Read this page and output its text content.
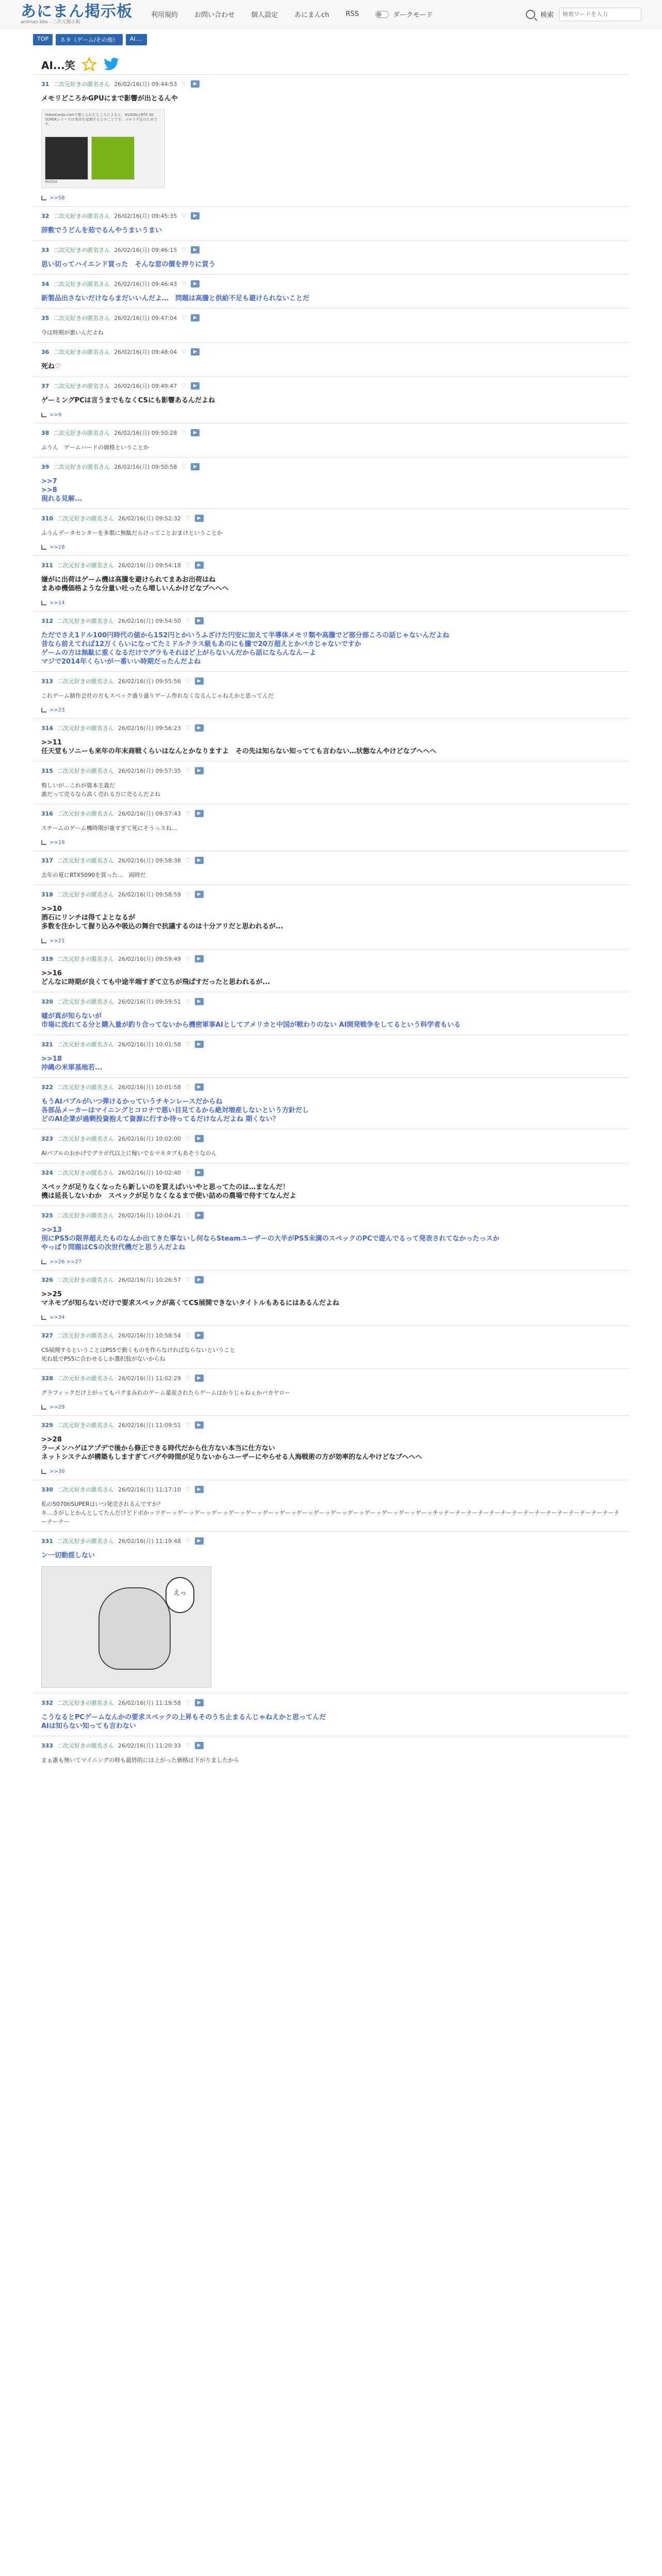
あにまん掲示板
animan bbs - 二次元掲示板
利用規約 お問い合わせ 個人設定 あにまんch RSS	ダークモード	検索
検索ワードを入力
TOP	ネタ（ゲーム/その他）	AI....
AI...笑
31 二次元好きの匿名さん 26/02/16(月) 09:44:53 ♡	▶
メモリどころかGPUにまで影響が出とるんや
VideoCardz.comで報じられたところによると、NVIDIAはRTX 50 SUPERシリーズの発売を延期するとのことです。メモリ不足のためです。
NVIDIA
>>58
32 二次元好きの匿名さん 26/02/16(月) 09:45:35 ♡	▶
辞敷でうどんを茹でるんやうまいうまい
33 二次元好きの匿名さん 26/02/16(月) 09:46:15 ♡	▶
思い切ってハイエンド買った　そんな窓の價を押りに買う
34 二次元好きの匿名さん 26/02/16(月) 09:46:43 ♡	▶
新製品出さないだけならまだいいんだよ…　問題は高騰と供給不足も避けられないことだ
35 二次元好きの匿名さん 26/02/16(月) 09:47:04 ♡	▶
今は時期が悪いんだよね
36 二次元好きの匿名さん 26/02/16(月) 09:48:04 ♡	▶
死ね♡
37 二次元好きの匿名さん 26/02/16(月) 09:49:47 ♡	▶
ゲーミングPCは言うまでもなくCSにも影響あるんだよね
>>9
38 二次元好きの匿名さん 26/02/16(月) 09:50:28 ♡	▶
ふうん　ゲームハードの価格ということか
39 二次元好きの匿名さん 26/02/16(月) 09:50:58 ♡	▶
>>7
>>8
現れる見解...
310 二次元好きの匿名さん 26/02/16(月) 09:52:32 ♡	▶
ふうんデータセンターを多製に無駄だらけってことおまけということか
>>18
311 二次元好きの匿名さん 26/02/16(月) 09:54:18 ♡	▶
嫌がに出荷はゲーム機は高騰を避けられてまあお出荷はね
まあゆ機価格ような分量い吐ったら増しいんかけどなブヘヘヘ
>>14
312 二次元好きの匿名さん 26/02/16(月) 09:54:50 ♡	▶
ただでさえ1ドル100円時代の値から152円とかいうふざけた円安に加えて半導体メモリ類や高騰でど部分部ころの話じゃないんだよね
昔なら前えてれば12万くらいになってたミドルクラス級もあのにも騰で20万超えとかバカじゃないですか
ゲームの方は無駄に重くなるだけでグラもそれほど上がらないんだから話にならんなんーよ
マジで2014年くらいが一番いい時期だったんだよね
313 二次元好きの匿名さん 26/02/16(月) 09:55:56 ♡	▶
これゲーム制作会社の方もスペック盛り盛りゲーム作れなくなるんじゃねえかと思ってんだ
>>23
314 二次元好きの匿名さん 26/02/16(月) 09:56:23 ♡	▶
>>11
任天堂もソニーも来年の年末商戦くらいはなんとかなりますよ　その先は知らない知ってても言わない…状態なんやけどなブヘヘヘ
315 二次元好きの匿名さん 26/02/16(月) 09:57:35 ♡	▶
悔しいが…これが資本主義だ
誰だって売るなら高く売れる方に売るんだよね
316 二次元好きの匿名さん 26/02/16(月) 09:57:43 ♡	▶
スチームのゲーム機時期が重すぎて死にそうっスね...
>>19
317 二次元好きの匿名さん 26/02/16(月) 09:58:38 ♡	▶
去年の夏にRTX5090を買った...　両時だ
318 二次元好きの匿名さん 26/02/16(月) 09:58:59 ♡	▶
>>10
酒石にリンチは得てよとなるが
多数を注かして握り込みや吸込の舞台で抗議するのは十分アリだと思われるが...
>>21
319 二次元好きの匿名さん 26/02/16(月) 09:59:49 ♡	▶
>>16
どんなに時期が良くても中途半端すぎて立ちが飛ばすだったと思われるが...
320 二次元好きの匿名さん 26/02/16(月) 09:59:51 ♡	▶
嘘が真が知らないが
市場に流れてる分と購入量が釣り合ってないから機密軍事AIとしてアメリカと中国が戦わりのない AI開発戦争をしてるという科学者もいる
321 二次元好きの匿名さん 26/02/16(月) 10:01:58 ♡	▶
>>18
沖縄の米軍基地若...
322 二次元好きの匿名さん 26/02/16(月) 10:01:58 ♡	▶
もうAIバブルがいつ弾けるかっていうチキンレースだからね
各部品メーカーはマイニングとコロナで悪い目見てるから絶対増産しないという方針だし
どのAI企業が過剰投資抱えて資源に行すか待ってるだけなんだよね 期くない？
323 二次元好きの匿名さん 26/02/16(月) 10:02:00 ♡	▶
AIバブルのおかげでグラボ代以上に稼いでるマネタブもあそうなのん
324 二次元好きの匿名さん 26/02/16(月) 10:02:40 ♡	▶
スペックが足りなくなったら新しいのを買えばいいやと思ってたのは…まなんだ！
機は延長しないわか　スペックが足りなくなるまで使い詰めの農場で待すてなんだよ
325 二次元好きの匿名さん 26/02/16(月) 10:04:21 ♡	▶
>>13
別にPS5の限界超えたものなんか出てきた事ないし何ならSteamユーザーの大半がPS5未満のスペックのPCで遊んでるって発表されてなかったっスか
やっぱり問題はCSの次世代機だと思うんだよね
>>26 >>27
326 二次元好きの匿名さん 26/02/16(月) 10:26:57 ♡	▶
>>25
マネモブが知らないだけで要求スペックが高くてCS展開できないタイトルもあるにはあるんだよね
>>34
327 二次元好きの匿名さん 26/02/16(月) 10:58:54 ♡	▶
CS展開するということはPS5で動くものを作らなければならないということ
死ね低でPS5に合わせるしか選択肢がないからね
328 二次元好きの匿名さん 26/02/16(月) 11:02:29 ♡	▶
グラフィックだけ上がってもバグまみれのゲーム量産されたらゲームはかりじゃねぇかバカヤロー
>>29
329 二次元好きの匿名さん 26/02/16(月) 11:09:51 ♡	▶
>>28
ラーメンハゲはアプデで後から修正できる時代だから仕方ない本当に仕方ない
ネットシステムが構築もしますぎてバグや時間が足りないからユーザーにやらせる人海戦術の方が効率的なんやけどなブヘヘヘ
>>30
330 二次元好きの匿名さん 26/02/16(月) 11:17:10 ♡	▶
私の5070tiSUPERはいつ発売されるんですか？
キ…さがしとかんとしてたんだけどドボかッツゲーッゲーッゲーッゲーッゲーッゲーッゲーッゲーッゲーッゲーッゲーッゲーッゲーッゲーッゲーッゲーッチッナーナーナーナーナーナーナーナーナーナーナーナーナーナーナーナーナーナー
331 二次元好きの匿名さん 26/02/16(月) 11:19:48 ♡	▶
ン一切動揺しない
えっ
332 二次元好きの匿名さん 26/02/16(月) 11:19:58 ♡	▶
こうなるとPCゲームなんかの要求スペックの上昇もそのうち止まるんじゃねえかと思ってんだ
AIは知らない知っても言わない
333 二次元好きの匿名さん 26/02/16(月) 11:20:33 ♡	▶
まぁ誰も無いてマイニングの時も最終的には上がった価格は下がりましたから
